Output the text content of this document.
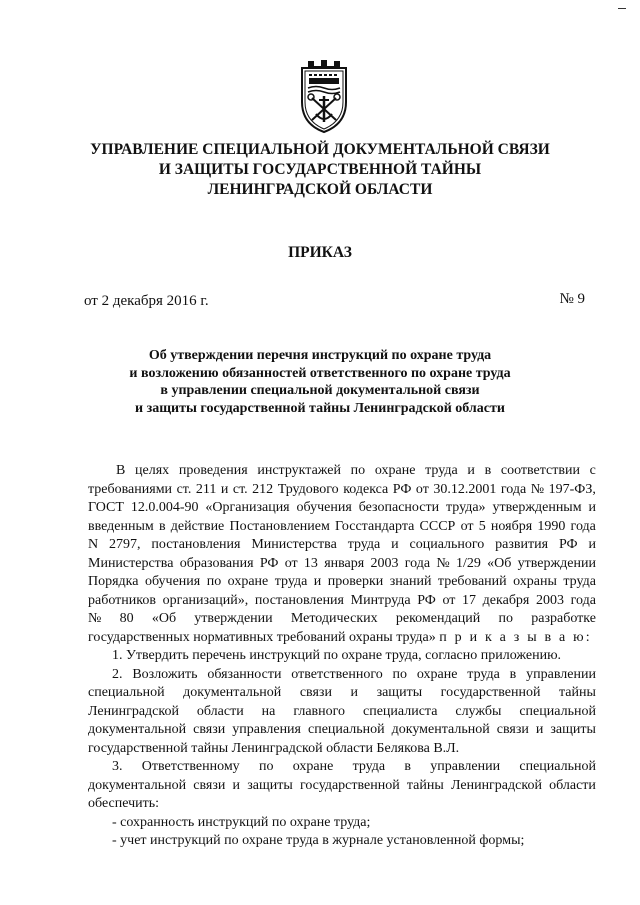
УПРАВЛЕНИЕ СПЕЦИАЛЬНОЙ ДОКУМЕНТАЛЬНОЙ СВЯЗИ
И ЗАЩИТЫ ГОСУДАРСТВЕННОЙ ТАЙНЫ
ЛЕНИНГРАДСКОЙ ОБЛАСТИ
ПРИКАЗ
от 2 декабря 2016 г.	№ 9
Об утверждении перечня инструкций по охране труда
и возложению обязанностей ответственного по охране труда
в управлении специальной документальной связи
и защиты государственной тайны Ленинградской области
В целях проведения инструктажей по охране труда и в соответствии с
требованиями ст. 211 и ст. 212 Трудового кодекса РФ от 30.12.2001 года № 197-ФЗ,
ГОСТ 12.0.004-90 «Организация обучения безопасности труда» утвержденным и
введенным в действие Постановлением Госстандарта СССР от 5 ноября 1990 года
N 2797, постановления Министерства труда и социального развития РФ и
Министерства образования РФ от 13 января 2003 года № 1/29 «Об утверждении
Порядка обучения по охране труда и проверки знаний требований охраны труда
работников организаций», постановления Минтруда РФ от 17 декабря 2003 года
№ 80 «Об утверждении Методических рекомендаций по разработке
государственных нормативных требований охраны труда»
п р и к а з ы в а ю:
1. Утвердить перечень инструкций по охране труда, согласно приложению.
2. Возложить обязанности ответственного по охране труда в управлении
специальной документальной связи и защиты государственной тайны
Ленинградской области на главного специалиста службы специальной
документальной связи управления специальной документальной связи и защиты
государственной тайны Ленинградской области Белякова В.Л.
3. Ответственному по охране труда в управлении специальной
документальной связи и защиты государственной тайны Ленинградской области
обеспечить:
- сохранность инструкций по охране труда;
- учет инструкций по охране труда в журнале установленной формы;
